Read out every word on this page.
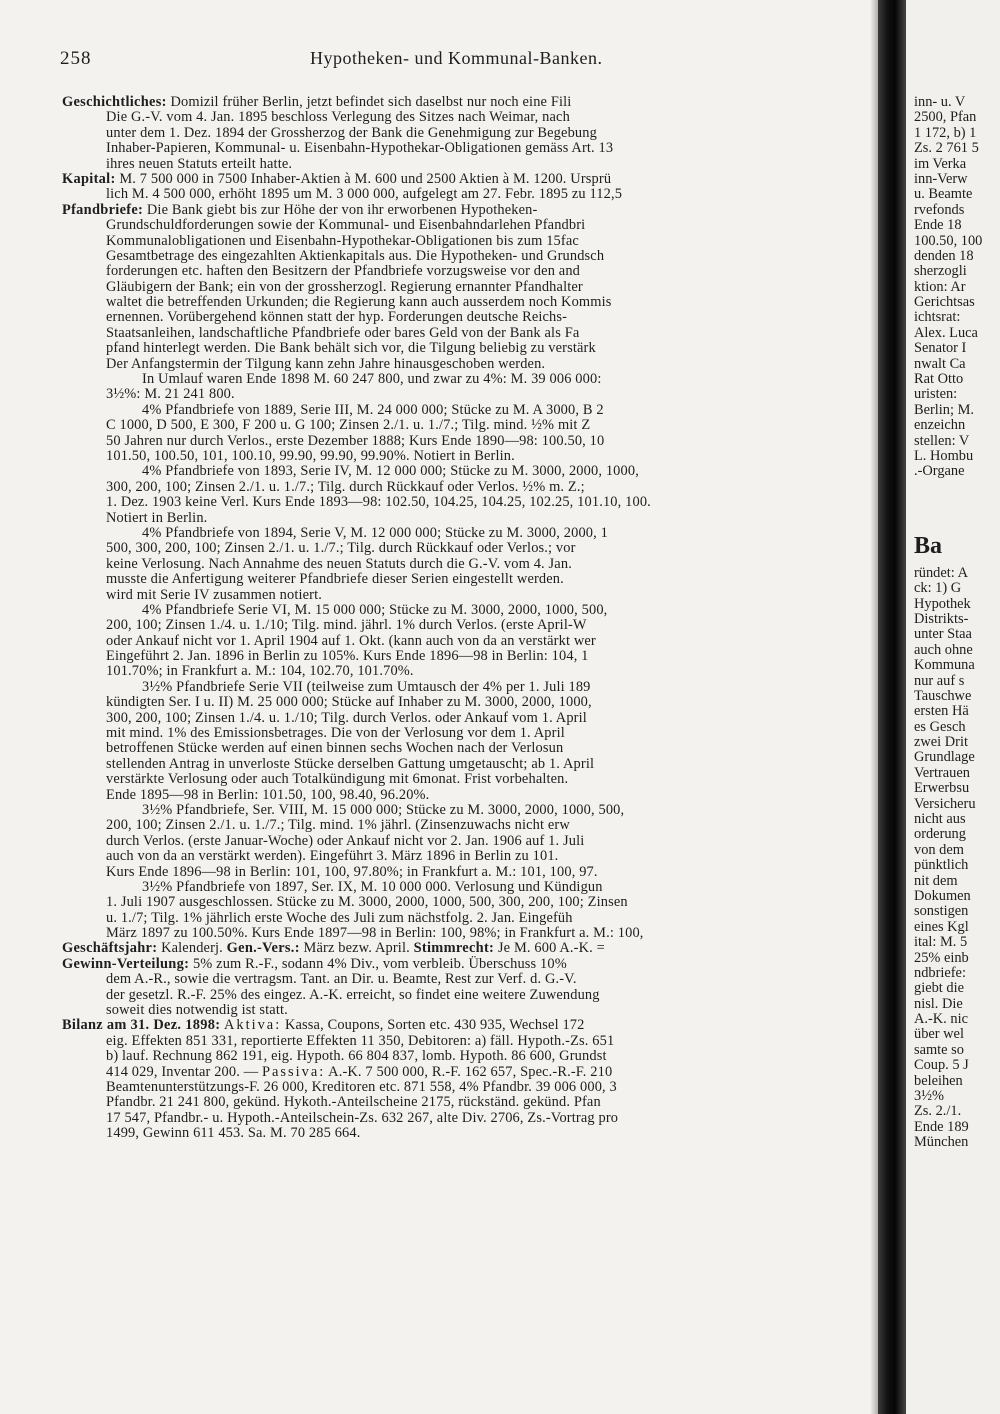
258	Hypotheken- und Kommunal-Banken.
Geschichtliches: Domizil früher Berlin, jetzt befindet sich daselbst nur noch eine Fili
Die G.-V. vom 4. Jan. 1895 beschloss Verlegung des Sitzes nach Weimar, nach
unter dem 1. Dez. 1894 der Grossherzog der Bank die Genehmigung zur Begebung
Inhaber-Papieren, Kommunal- u. Eisenbahn-Hypothekar-Obligationen gemäss Art. 13
ihres neuen Statuts erteilt hatte.
Kapital: M. 7 500 000 in 7500 Inhaber-Aktien à M. 600 und 2500 Aktien à M. 1200. Ursprü
lich M. 4 500 000, erhöht 1895 um M. 3 000 000, aufgelegt am 27. Febr. 1895 zu 112,5
Pfandbriefe: Die Bank giebt bis zur Höhe der von ihr erworbenen Hypotheken-
Grundschuldforderungen sowie der Kommunal- und Eisenbahndarlehen Pfandbri
Kommunalobligationen und Eisenbahn-Hypothekar-Obligationen bis zum 15fac
Gesamtbetrage des eingezahlten Aktienkapitals aus. Die Hypotheken- und Grundsch
forderungen etc. haften den Besitzern der Pfandbriefe vorzugsweise vor den and
Gläubigern der Bank; ein von der grossherzogl. Regierung ernannter Pfandhalter
waltet die betreffenden Urkunden; die Regierung kann auch ausserdem noch Kommis
ernennen. Vorübergehend können statt der hyp. Forderungen deutsche Reichs-
Staatsanleihen, landschaftliche Pfandbriefe oder bares Geld von der Bank als Fa
pfand hinterlegt werden. Die Bank behält sich vor, die Tilgung beliebig zu verstärk
Der Anfangstermin der Tilgung kann zehn Jahre hinausgeschoben werden.
In Umlauf waren Ende 1898 M. 60 247 800, und zwar zu 4%: M. 39 006 000:
3½%: M. 21 241 800.
4% Pfandbriefe von 1889, Serie III, M. 24 000 000; Stücke zu M. A 3000, B 2
C 1000, D 500, E 300, F 200 u. G 100; Zinsen 2./1. u. 1./7.; Tilg. mind. ½% mit Z
50 Jahren nur durch Verlos., erste Dezember 1888; Kurs Ende 1890—98: 100.50, 10
101.50, 100.50, 101, 100.10, 99.90, 99.90, 99.90%. Notiert in Berlin.
4% Pfandbriefe von 1893, Serie IV, M. 12 000 000; Stücke zu M. 3000, 2000, 1000,
300, 200, 100; Zinsen 2./1. u. 1./7.; Tilg. durch Rückkauf oder Verlos. ½% m. Z.;
1. Dez. 1903 keine Verl. Kurs Ende 1893—98: 102.50, 104.25, 104.25, 102.25, 101.10, 100.
Notiert in Berlin.
4% Pfandbriefe von 1894, Serie V, M. 12 000 000; Stücke zu M. 3000, 2000, 1
500, 300, 200, 100; Zinsen 2./1. u. 1./7.; Tilg. durch Rückkauf oder Verlos.; vor
keine Verlosung. Nach Annahme des neuen Statuts durch die G.-V. vom 4. Jan.
musste die Anfertigung weiterer Pfandbriefe dieser Serien eingestellt werden.
wird mit Serie IV zusammen notiert.
4% Pfandbriefe Serie VI, M. 15 000 000; Stücke zu M. 3000, 2000, 1000, 500,
200, 100; Zinsen 1./4. u. 1./10; Tilg. mind. jährl. 1% durch Verlos. (erste April-W
oder Ankauf nicht vor 1. April 1904 auf 1. Okt. (kann auch von da an verstärkt wer
Eingeführt 2. Jan. 1896 in Berlin zu 105%. Kurs Ende 1896—98 in Berlin: 104, 1
101.70%; in Frankfurt a. M.: 104, 102.70, 101.70%.
3½% Pfandbriefe Serie VII (teilweise zum Umtausch der 4% per 1. Juli 189
kündigten Ser. I u. II) M. 25 000 000; Stücke auf Inhaber zu M. 3000, 2000, 1000,
300, 200, 100; Zinsen 1./4. u. 1./10; Tilg. durch Verlos. oder Ankauf vom 1. April
mit mind. 1% des Emissionsbetrages. Die von der Verlosung vor dem 1. April
betroffenen Stücke werden auf einen binnen sechs Wochen nach der Verlosun
stellenden Antrag in unverloste Stücke derselben Gattung umgetauscht; ab 1. April
verstärkte Verlosung oder auch Totalkündigung mit 6monat. Frist vorbehalten.
Ende 1895—98 in Berlin: 101.50, 100, 98.40, 96.20%.
3½% Pfandbriefe, Ser. VIII, M. 15 000 000; Stücke zu M. 3000, 2000, 1000, 500,
200, 100; Zinsen 2./1. u. 1./7.; Tilg. mind. 1% jährl. (Zinsenzuwachs nicht erw
durch Verlos. (erste Januar-Woche) oder Ankauf nicht vor 2. Jan. 1906 auf 1. Juli
auch von da an verstärkt werden). Eingeführt 3. März 1896 in Berlin zu 101.
Kurs Ende 1896—98 in Berlin: 101, 100, 97.80%; in Frankfurt a. M.: 101, 100, 97.
3½% Pfandbriefe von 1897, Ser. IX, M. 10 000 000. Verlosung und Kündigun
1. Juli 1907 ausgeschlossen. Stücke zu M. 3000, 2000, 1000, 500, 300, 200, 100; Zinsen
u. 1./7; Tilg. 1% jährlich erste Woche des Juli zum nächstfolg. 2. Jan. Eingefüh
März 1897 zu 100.50%. Kurs Ende 1897—98 in Berlin: 100, 98%; in Frankfurt a. M.: 100,
Geschäftsjahr: Kalenderj. Gen.-Vers.: März bezw. April. Stimmrecht: Je M. 600 A.-K. =
Gewinn-Verteilung: 5% zum R.-F., sodann 4% Div., vom verbleib. Überschuss 10%
dem A.-R., sowie die vertragsm. Tant. an Dir. u. Beamte, Rest zur Verf. d. G.-V.
der gesetzl. R.-F. 25% des eingez. A.-K. erreicht, so findet eine weitere Zuwendung
soweit dies notwendig ist statt.
Bilanz am 31. Dez. 1898: Aktiva: Kassa, Coupons, Sorten etc. 430 935, Wechsel 172
eig. Effekten 851 331, reportierte Effekten 11 350, Debitoren: a) fäll. Hypoth.-Zs. 651
b) lauf. Rechnung 862 191, eig. Hypoth. 66 804 837, lomb. Hypoth. 86 600, Grundst
414 029, Inventar 200. — Passiva: A.-K. 7 500 000, R.-F. 162 657, Spec.-R.-F. 210
Beamtenunterstützungs-F. 26 000, Kreditoren etc. 871 558, 4% Pfandbr. 39 006 000, 3
Pfandbr. 21 241 800, gekünd. Hykoth.-Anteilscheine 2175, rückständ. gekünd. Pfan
17 547, Pfandbr.- u. Hypoth.-Anteilschein-Zs. 632 267, alte Div. 2706, Zs.-Vortrag pro
1499, Gewinn 611 453. Sa. M. 70 285 664.
inn- u. V
2500, Pfan
1 172, b) 1
Zs. 2 761 5
im Verka
inn-Verw
u. Beamte
rvefonds
Ende 18
100.50, 100
denden 18
sherzogli
ktion: Ar
Gerichtsas
ichtsrat:
Alex. Luca
Senator I
nwalt Ca
Rat Otto
uristen:
Berlin; M.
enzeichn
stellen: V
L. Hombu
.-Organe
Ba
ründet: A
ck: 1) G
Hypothek
Distrikts-
unter Staa
auch ohne
Kommuna
nur auf s
Tauschwe
ersten Hä
es Gesch
zwei Drit
Grundlage
Vertrauen
Erwerbsu
Versicheru
nicht aus
orderung
von dem
pünktlich
nit dem
Dokumen
sonstigen
eines Kgl
ital: M. 5
25% einb
ndbriefe:
giebt die
nisl. Die
A.-K. nic
über wel
samte so
Coup. 5 J
beleihen
3½%
Zs. 2./1.
Ende 189
München
